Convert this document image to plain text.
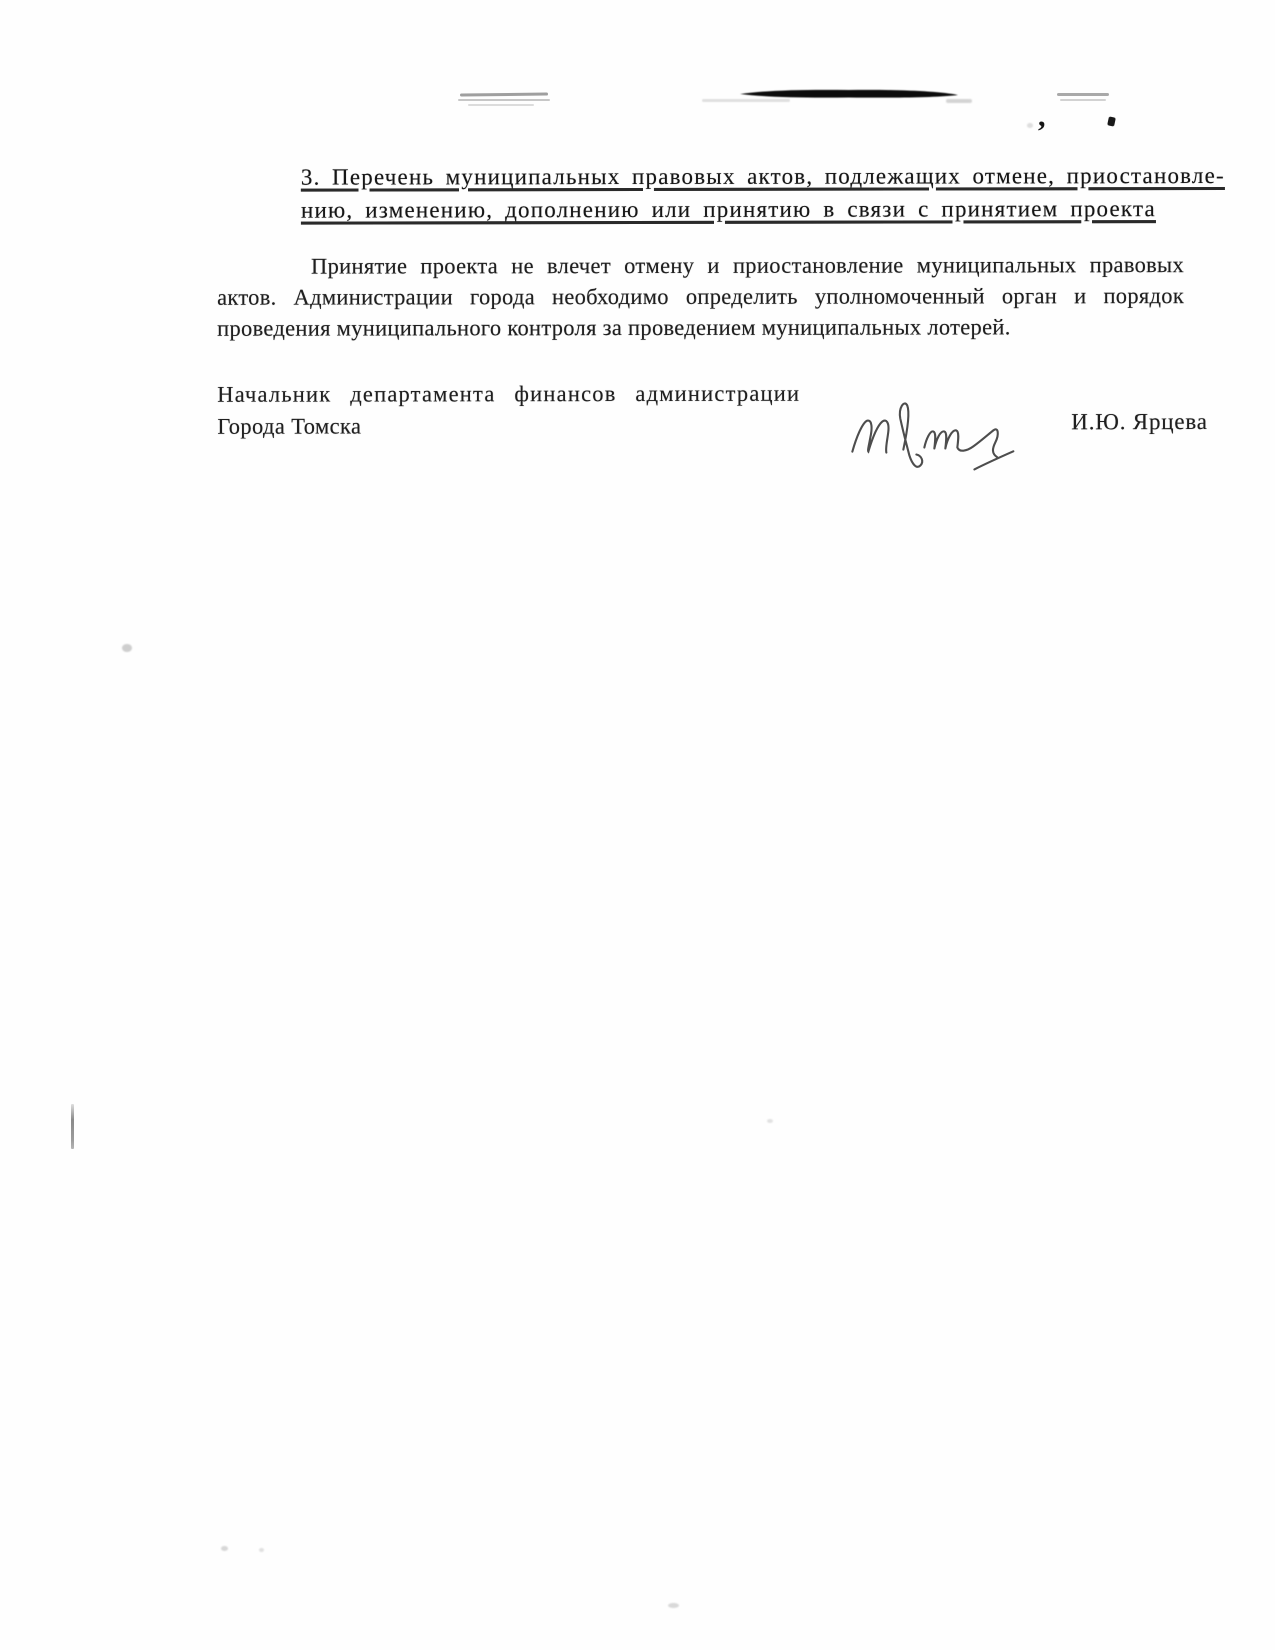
,
3. Перечень муниципальных правовых актов, подлежащих отмене, приостановле-
нию, изменению, дополнению или принятию в связи с принятием проекта
Принятие проекта не влечет отмену и приостановление муниципальных правовых
актов. Администрации города необходимо определить уполномоченный орган и порядок
проведения муниципального контроля за проведением муниципальных лотерей.
Начальник департамента финансов администрации
Города Томска	И.Ю. Ярцева
